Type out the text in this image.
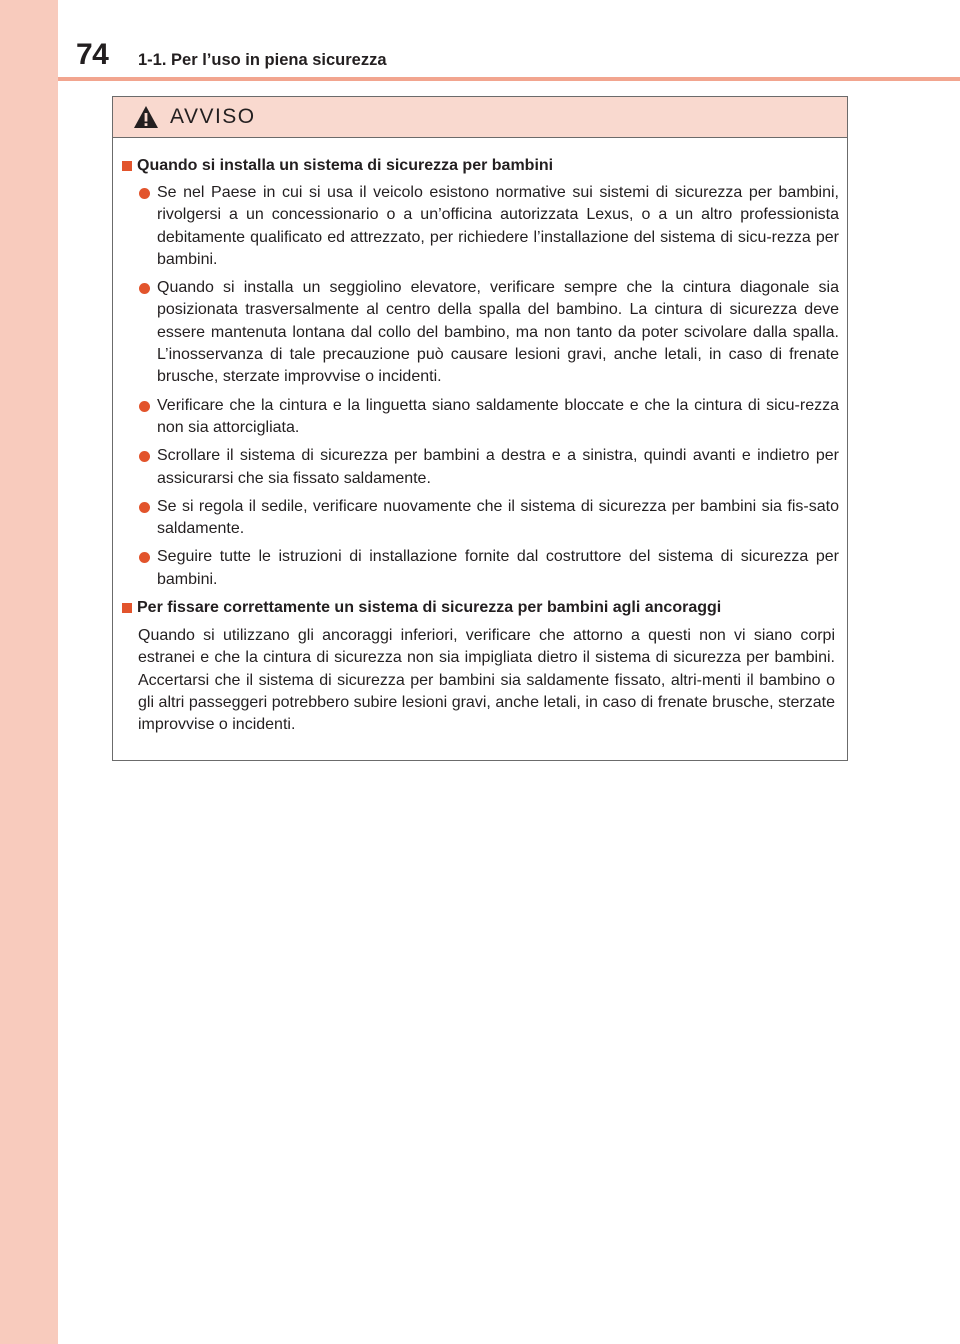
74 1-1. Per l’uso in piena sicurezza
AVVISO
Quando si installa un sistema di sicurezza per bambini
Se nel Paese in cui si usa il veicolo esistono normative sui sistemi di sicurezza per bambini, rivolgersi a un concessionario o a un’officina autorizzata Lexus, o a un altro professionista debitamente qualificato ed attrezzato, per richiedere l’installazione del sistema di sicu-rezza per bambini.
Quando si installa un seggiolino elevatore, verificare sempre che la cintura diagonale sia posizionata trasversalmente al centro della spalla del bambino. La cintura di sicurezza deve essere mantenuta lontana dal collo del bambino, ma non tanto da poter scivolare dalla spalla. L’inosservanza di tale precauzione può causare lesioni gravi, anche letali, in caso di frenate brusche, sterzate improvvise o incidenti.
Verificare che la cintura e la linguetta siano saldamente bloccate e che la cintura di sicu-rezza non sia attorcigliata.
Scrollare il sistema di sicurezza per bambini a destra e a sinistra, quindi avanti e indietro per assicurarsi che sia fissato saldamente.
Se si regola il sedile, verificare nuovamente che il sistema di sicurezza per bambini sia fis-sato saldamente.
Seguire tutte le istruzioni di installazione fornite dal costruttore del sistema di sicurezza per bambini.
Per fissare correttamente un sistema di sicurezza per bambini agli ancoraggi
Quando si utilizzano gli ancoraggi inferiori, verificare che attorno a questi non vi siano corpi estranei e che la cintura di sicurezza non sia impigliata dietro il sistema di sicurezza per bambini. Accertarsi che il sistema di sicurezza per bambini sia saldamente fissato, altri-menti il bambino o gli altri passeggeri potrebbero subire lesioni gravi, anche letali, in caso di frenate brusche, sterzate improvvise o incidenti.
